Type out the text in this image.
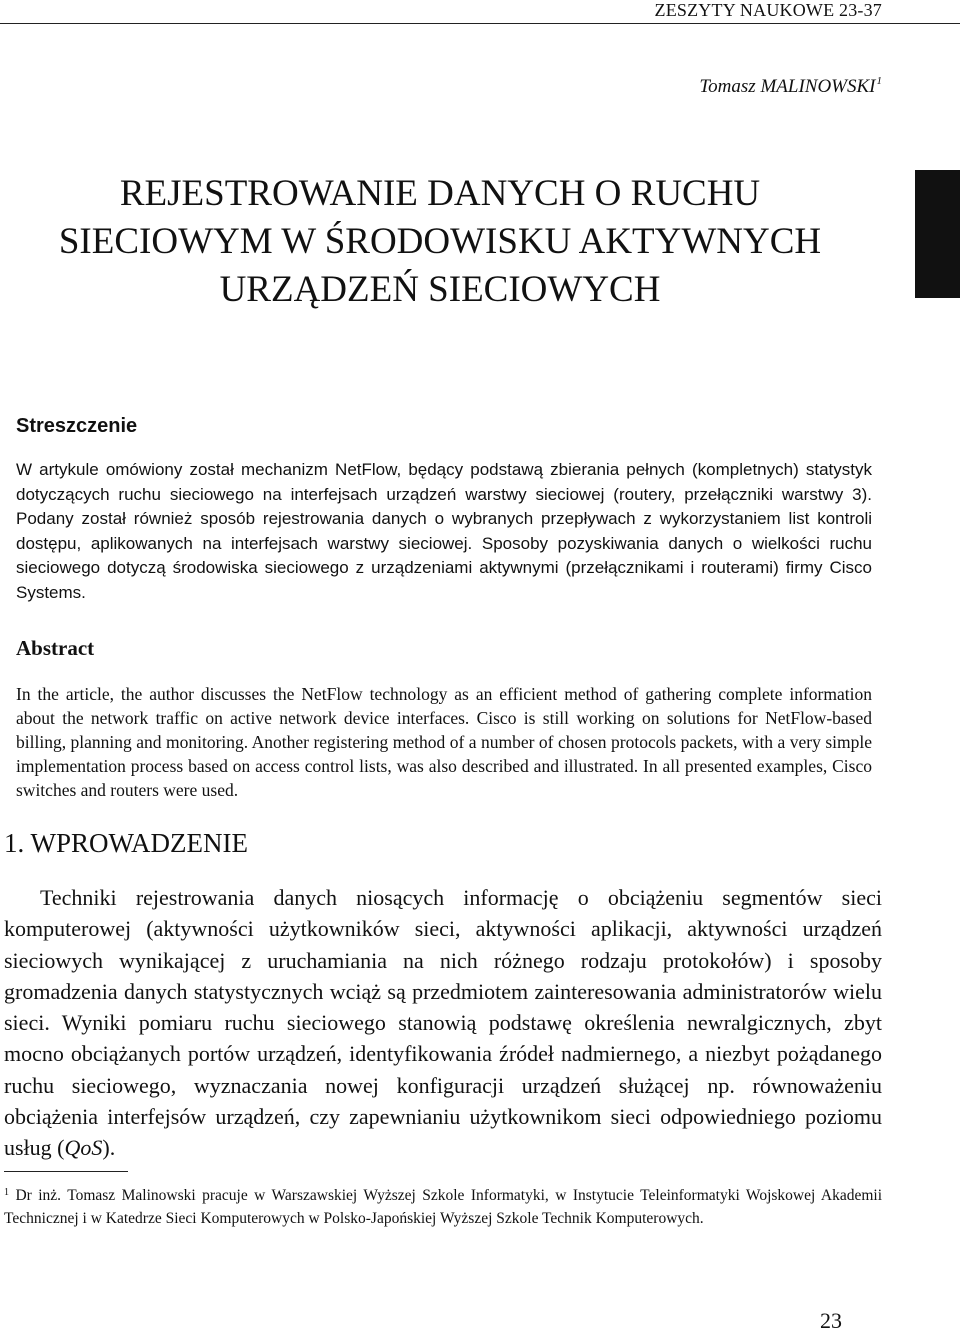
ZESZYTY NAUKOWE 23-37
Tomasz MALINOWSKI$^1$
REJESTROWANIE DANYCH O RUCHU
SIECIOWYM W ŚRODOWISKU AKTYWNYCH
URZĄDZEŃ SIECIOWYCH
Streszczenie
W artykule omówiony został mechanizm NetFlow, będący podstawą zbierania pełnych (kompletnych) statystyk dotyczących ruchu sieciowego na interfejsach urządzeń warstwy sieciowej (routery, przełączniki warstwy 3). Podany został również sposób rejestrowania danych o wybranych przepływach z wykorzystaniem list kontroli dostępu, aplikowanych na interfejsach warstwy sieciowej. Sposoby pozyskiwania danych o wielkości ruchu sieciowego dotyczą środowiska sieciowego z urządzeniami aktywnymi (przełącznikami i routerami) firmy Cisco Systems.
Abstract
In the article, the author discusses the NetFlow technology as an efficient method of gathering complete information about the network traffic on active network device interfaces. Cisco is still working on solutions for NetFlow-based billing, planning and monitoring. Another registering method of a number of chosen protocols packets, with a very simple implementation process based on access control lists, was also described and illustrated. In all presented examples, Cisco switches and routers were used.
1. WPROWADZENIE
Techniki rejestrowania danych niosących informację o obciążeniu segmentów sieci komputerowej (aktywności użytkowników sieci, aktywności aplikacji, aktywności urządzeń sieciowych wynikającej z uruchamiania na nich różnego rodzaju protokołów) i sposoby gromadzenia danych statystycznych wciąż są przedmiotem zainteresowania administratorów wielu sieci. Wyniki pomiaru ruchu sieciowego stanowią podstawę określenia newralgicznych, zbyt mocno obciążanych portów urządzeń, identyfikowania źródeł nadmiernego, a niezbyt pożądanego ruchu sieciowego, wyznaczania nowej konfiguracji urządzeń służącej np. równoważeniu obciążenia interfejsów urządzeń, czy zapewnianiu użytkownikom sieci odpowiedniego poziomu usług (QoS).
$^1$ Dr inż. Tomasz Malinowski pracuje w Warszawskiej Wyższej Szkole Informatyki, w Instytucie Teleinformatyki Wojskowej Akademii Technicznej i w Katedrze Sieci Komputerowych w Polsko-Japońskiej Wyższej Szkole Technik Komputerowych.
23
